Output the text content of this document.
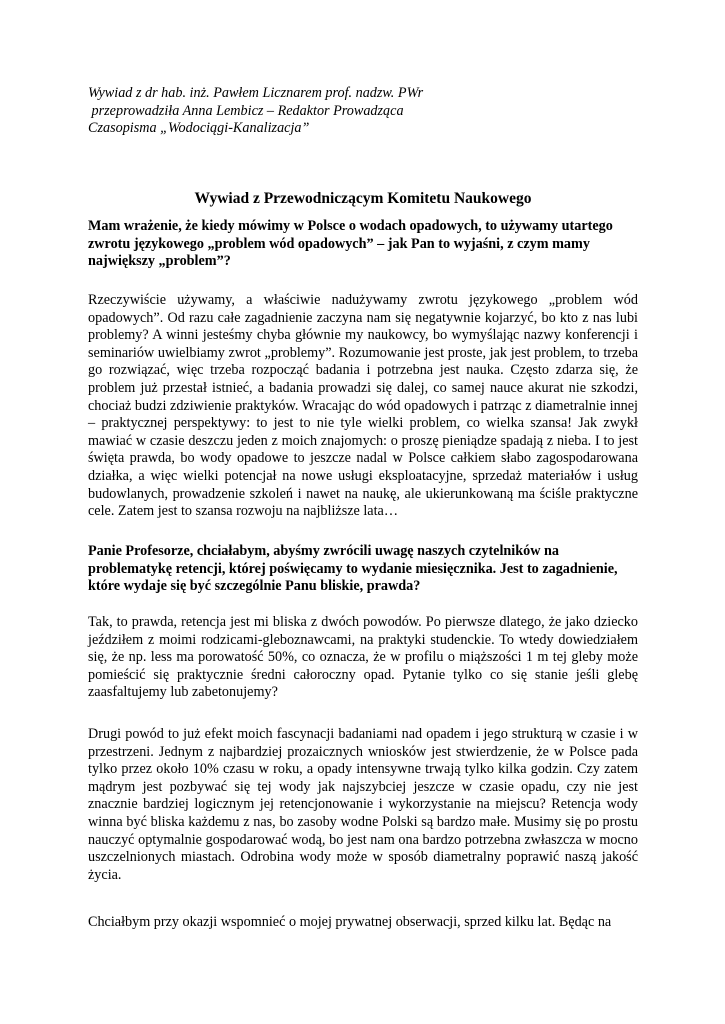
Wywiad z dr hab. inż. Pawłem Licznarem prof. nadzw. PWr
przeprowadziła Anna Lembicz – Redaktor Prowadząca
Czasopisma „Wodociągi-Kanalizacja”

Wywiad z Przewodniczącym Komitetu Naukowego

Mam wrażenie, że kiedy mówimy w Polsce o wodach opadowych, to używamy utartego zwrotu językowego „problem wód opadowych” – jak Pan to wyjaśni, z czym mamy największy „problem”?

Rzeczywiście używamy, a właściwie nadużywamy zwrotu językowego „problem wód opadowych”. Od razu całe zagadnienie zaczyna nam się negatywnie kojarzyć, bo kto z nas lubi problemy? A winni jesteśmy chyba głównie my naukowcy, bo wymyślając nazwy konferencji i seminariów uwielbiamy zwrot „problemy”. Rozumowanie jest proste, jak jest problem, to trzeba go rozwiązać, więc trzeba rozpocząć badania i potrzebna jest nauka. Często zdarza się, że problem już przestał istnieć, a badania prowadzi się dalej, co samej nauce akurat nie szkodzi, chociaż budzi zdziwienie praktyków. Wracając do wód opadowych i patrząc z diametralnie innej – praktycznej perspektywy: to jest to nie tyle wielki problem, co wielka szansa! Jak zwykł mawiać w czasie deszczu jeden z moich znajomych: o proszę pieniądze spadają z nieba. I to jest święta prawda, bo wody opadowe to jeszcze nadal w Polsce całkiem słabo zagospodarowana działka, a więc wielki potencjał na nowe usługi eksploatacyjne, sprzedaż materiałów i usług budowlanych, prowadzenie szkoleń i nawet na naukę, ale ukierunkowaną ma ściśle praktyczne cele. Zatem jest to szansa rozwoju na najbliższe lata…

Panie Profesorze, chciałabym, abyśmy zwrócili uwagę naszych czytelników na problematykę retencji, której poświęcamy to wydanie miesięcznika. Jest to zagadnienie, które wydaje się być szczególnie Panu bliskie, prawda?

Tak, to prawda, retencja jest mi bliska z dwóch powodów. Po pierwsze dlatego, że jako dziecko jeździłem z moimi rodzicami-gleboznawcami, na praktyki studenckie. To wtedy dowiedziałem się, że np. less ma porowatość 50%, co oznacza, że w profilu o miąższości 1 m tej gleby może pomieścić się praktycznie średni całoroczny opad. Pytanie tylko co się stanie jeśli glebę zaasfaltujemy lub zabetonujemy?

Drugi powód to już efekt moich fascynacji badaniami nad opadem i jego strukturą w czasie i w przestrzeni. Jednym z najbardziej prozaicznych wniosków jest stwierdzenie, że w Polsce pada tylko przez około 10% czasu w roku, a opady intensywne trwają tylko kilka godzin. Czy zatem mądrym jest pozbywać się tej wody jak najszybciej jeszcze w czasie opadu, czy nie jest znacznie bardziej logicznym jej retencjonowanie i wykorzystanie na miejscu? Retencja wody winna być bliska każdemu z nas, bo zasoby wodne Polski są bardzo małe. Musimy się po prostu nauczyć optymalnie gospodarować wodą, bo jest nam ona bardzo potrzebna zwłaszcza w mocno uszczelnionych miastach. Odrobina wody może w sposób diametralny poprawić naszą jakość życia.

Chciałbym przy okazji wspomnieć o mojej prywatnej obserwacji, sprzed kilku lat. Będąc na
